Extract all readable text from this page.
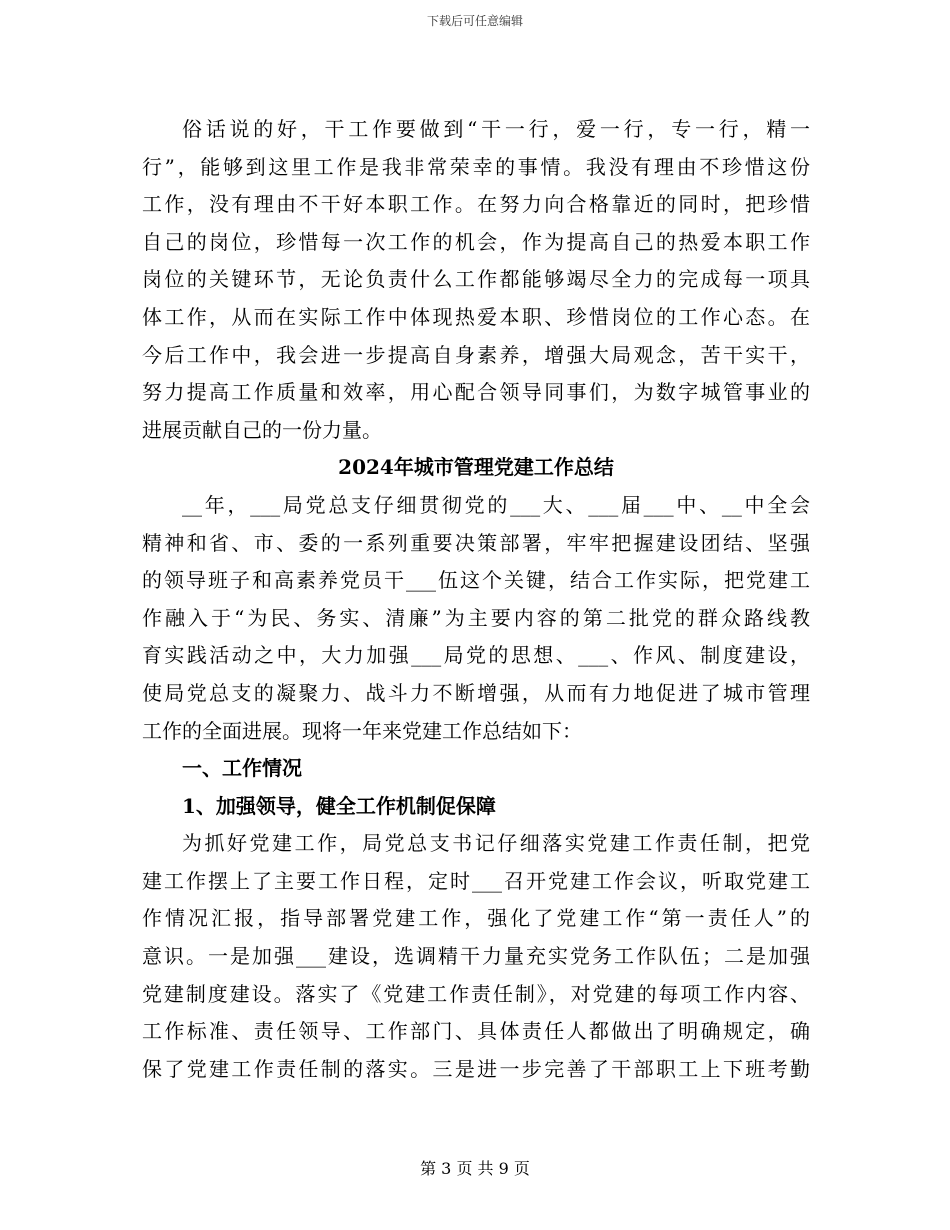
下载后可任意编辑
俗话说的好，干工作要做到“干一行，爱一行，专一行，精一
行”，能够到这里工作是我非常荣幸的事情。我没有理由不珍惜这份
工作，没有理由不干好本职工作。在努力向合格靠近的同时，把珍惜
自己的岗位，珍惜每一次工作的机会，作为提高自己的热爱本职工作
岗位的关键环节，无论负责什么工作都能够竭尽全力的完成每一项具
体工作，从而在实际工作中体现热爱本职、珍惜岗位的工作心态。在
今后工作中，我会进一步提高自身素养，增强大局观念，苦干实干，
努力提高工作质量和效率，用心配合领导同事们，为数字城管事业的
进展贡献自己的一份力量。
2024年城市管理党建工作总结
__年，___局党总支仔细贯彻党的___大、___届___中、__中全会
精神和省、市、委的一系列重要决策部署，牢牢把握建设团结、坚强
的领导班子和高素养党员干___伍这个关键，结合工作实际，把党建工
作融入于“为民、务实、清廉”为主要内容的第二批党的群众路线教
育实践活动之中，大力加强___局党的思想、___、作风、制度建设，
使局党总支的凝聚力、战斗力不断增强，从而有力地促进了城市管理
工作的全面进展。现将一年来党建工作总结如下：
一、工作情况
1、加强领导，健全工作机制促保障
为抓好党建工作，局党总支书记仔细落实党建工作责任制，把党
建工作摆上了主要工作日程，定时___召开党建工作会议，听取党建工
作情况汇报，指导部署党建工作，强化了党建工作“第一责任人”的
意识。一是加强___建设，选调精干力量充实党务工作队伍；二是加强
党建制度建设。落实了《党建工作责任制》，对党建的每项工作内容、
工作标准、责任领导、工作部门、具体责任人都做出了明确规定，确
保了党建工作责任制的落实。三是进一步完善了干部职工上下班考勤
第 3 页 共 9 页
